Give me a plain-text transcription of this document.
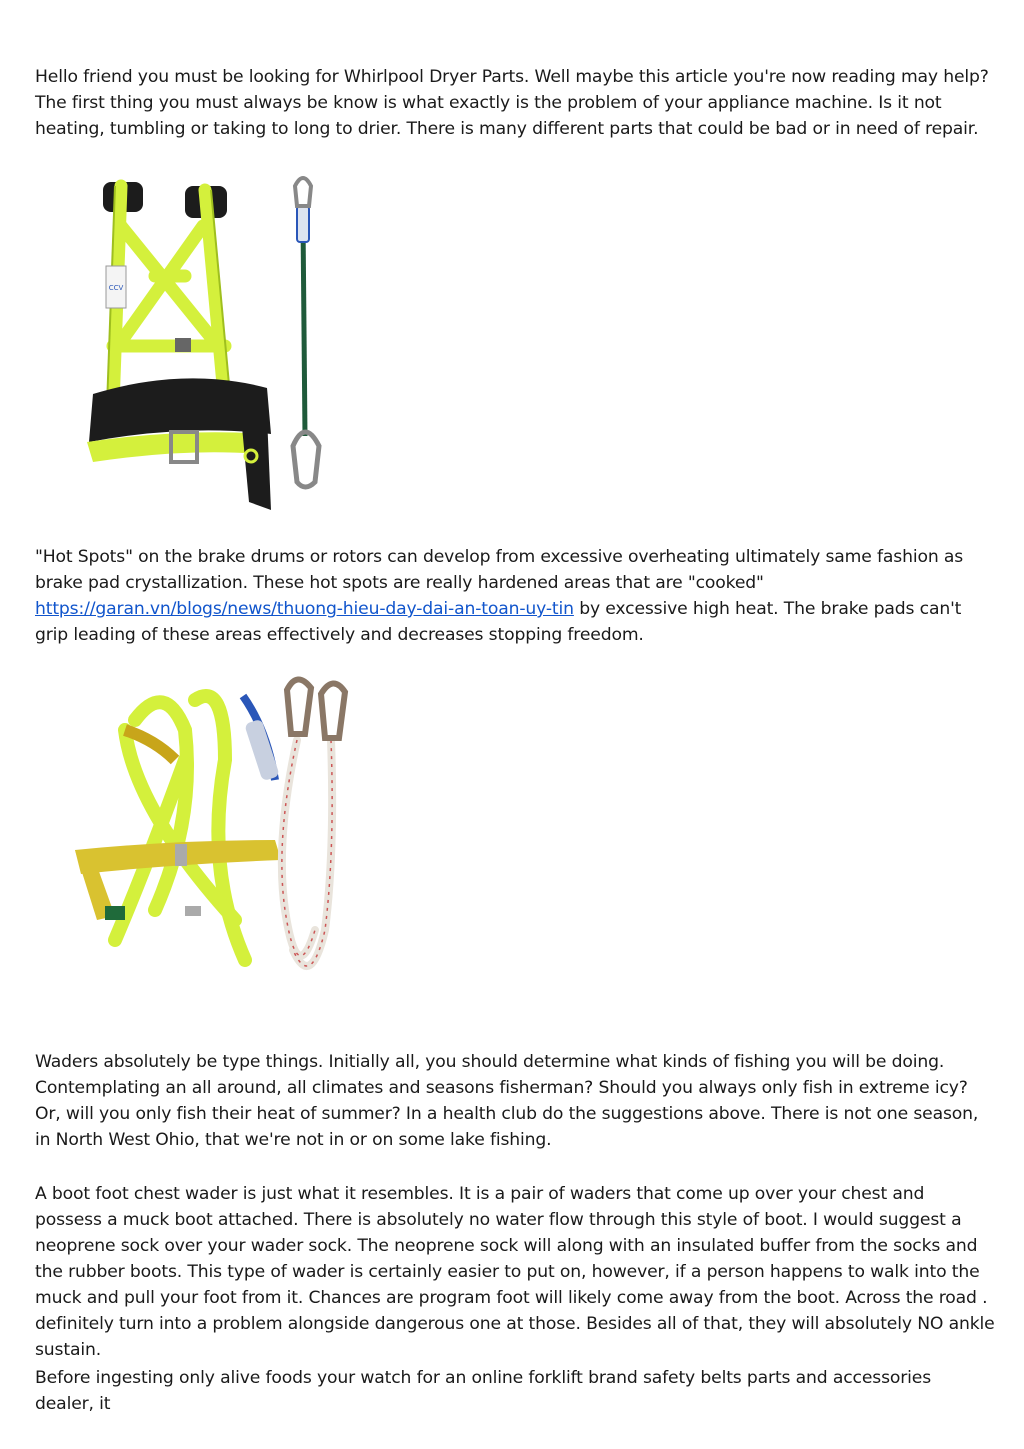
Hello friend you must be looking for Whirlpool Dryer Parts. Well maybe this article you're now reading may help? The first thing you must always be know is what exactly is the problem of your appliance machine. Is it not heating, tumbling or taking to long to drier. There is many different parts that could be bad or in need of repair.

CCV

"Hot Spots" on the brake drums or rotors can develop from excessive overheating ultimately same fashion as brake pad crystallization. These hot spots are really hardened areas that are "cooked" https://garan.vn/blogs/news/thuong-hieu-day-dai-an-toan-uy-tin by excessive high heat. The brake pads can't grip leading of these areas effectively and decreases stopping freedom.

Waders absolutely be type things. Initially all, you should determine what kinds of fishing you will be doing. Contemplating an all around, all climates and seasons fisherman? Should you always only fish in extreme icy? Or, will you only fish their heat of summer? In a health club do the suggestions above. There is not one season, in North West Ohio, that we're not in or on some lake fishing.

A boot foot chest wader is just what it resembles. It is a pair of waders that come up over your chest and possess a muck boot attached. There is absolutely no water flow through this style of boot. I would suggest a neoprene sock over your wader sock. The neoprene sock will along with an insulated buffer from the socks and the rubber boots. This type of wader is certainly easier to put on, however, if a person happens to walk into the muck and pull your foot from it. Chances are program foot will likely come away from the boot. Across the road . definitely turn into a problem alongside dangerous one at those. Besides all of that, they will absolutely NO ankle sustain.

Before ingesting only alive foods your watch for an online forklift brand safety belts parts and accessories dealer, it
